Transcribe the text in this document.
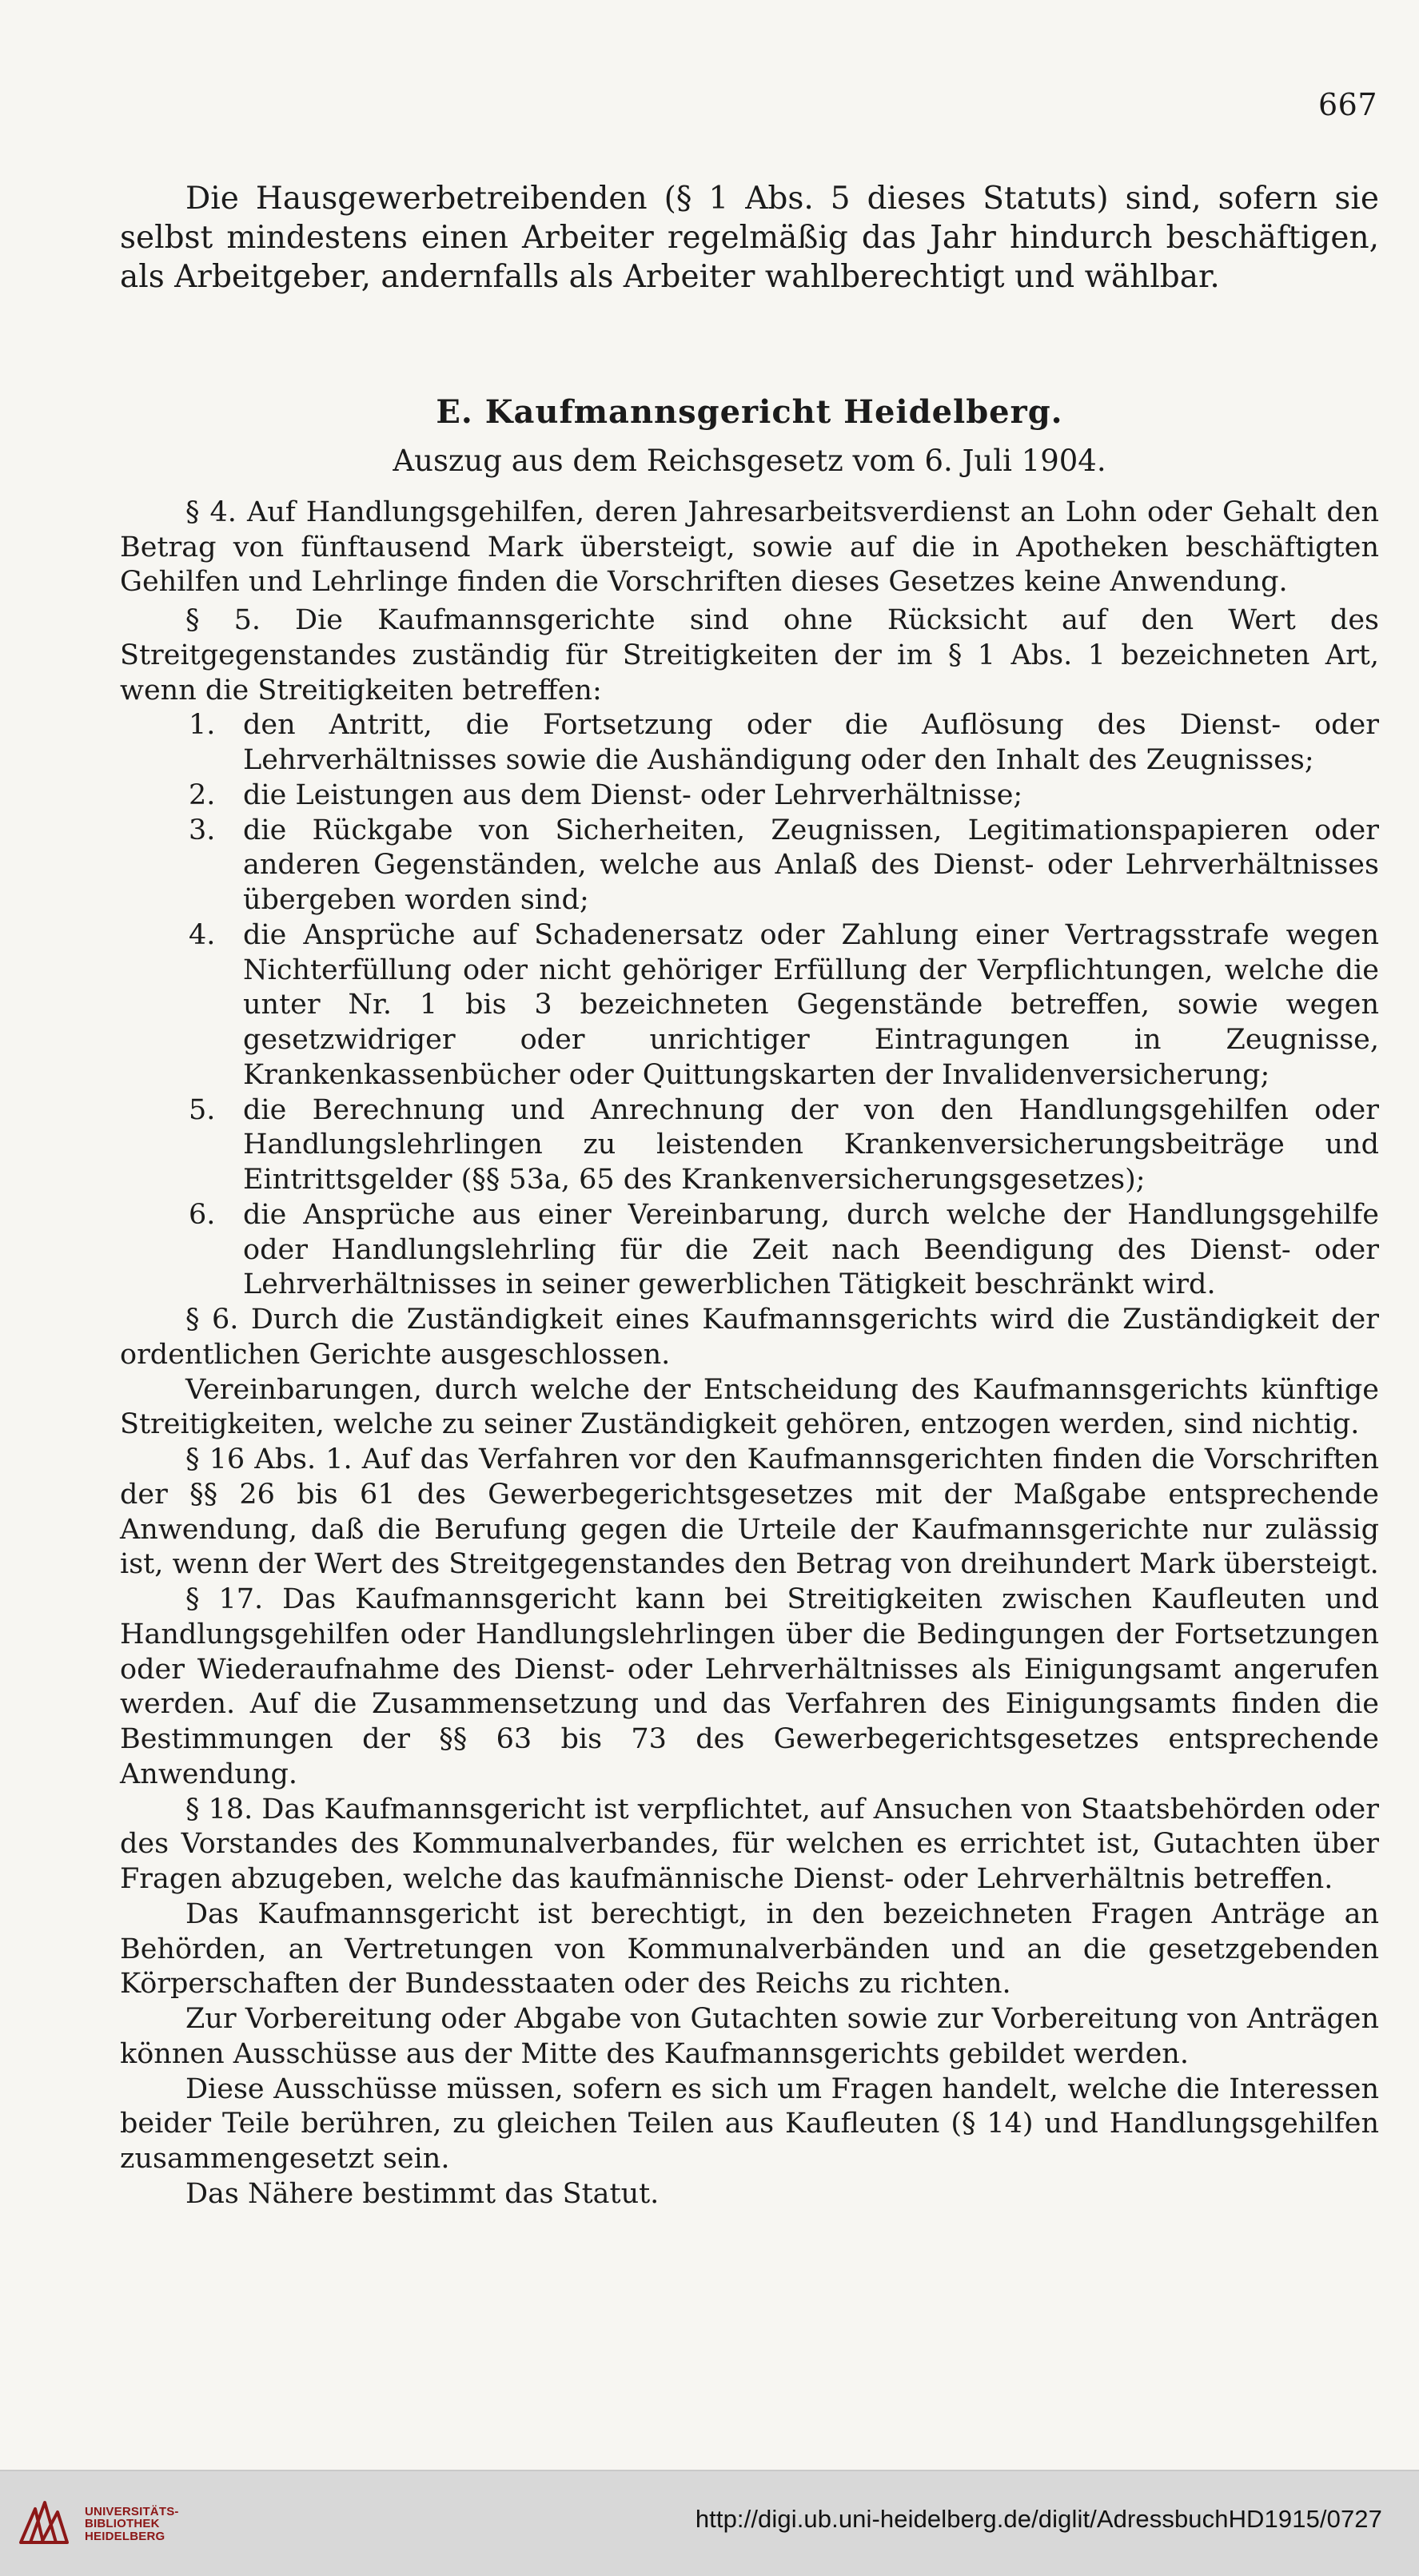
667

Die Hausgewerbetreibenden (§ 1 Abs. 5 dieses Statuts) sind, sofern sie selbst mindestens einen Arbeiter regelmäßig das Jahr hindurch beschäftigen, als Arbeitgeber, andernfalls als Arbeiter wahlberechtigt und wählbar.

E. Kaufmannsgericht Heidelberg.
Auszug aus dem Reichsgesetz vom 6. Juli 1904.

§ 4. Auf Handlungsgehilfen, deren Jahresarbeitsverdienst an Lohn oder Gehalt den Betrag von fünftausend Mark übersteigt, sowie auf die in Apotheken beschäftigten Gehilfen und Lehrlinge finden die Vorschriften dieses Gesetzes keine Anwendung.

§ 5. Die Kaufmannsgerichte sind ohne Rücksicht auf den Wert des Streitgegenstandes zuständig für Streitigkeiten der im § 1 Abs. 1 bezeichneten Art, wenn die Streitigkeiten betreffen:

1. den Antritt, die Fortsetzung oder die Auflösung des Dienst- oder Lehrverhältnisses sowie die Aushändigung oder den Inhalt des Zeugnisses;
2. die Leistungen aus dem Dienst- oder Lehrverhältnisse;
3. die Rückgabe von Sicherheiten, Zeugnissen, Legitimationspapieren oder anderen Gegenständen, welche aus Anlaß des Dienst- oder Lehrverhältnisses übergeben worden sind;
4. die Ansprüche auf Schadenersatz oder Zahlung einer Vertragsstrafe wegen Nichterfüllung oder nicht gehöriger Erfüllung der Verpflichtungen, welche die unter Nr. 1 bis 3 bezeichneten Gegenstände betreffen, sowie wegen gesetzwidriger oder unrichtiger Eintragungen in Zeugnisse, Krankenkassenbücher oder Quittungskarten der Invalidenversicherung;
5. die Berechnung und Anrechnung der von den Handlungsgehilfen oder Handlungslehrlingen zu leistenden Krankenversicherungsbeiträge und Eintrittsgelder (§§ 53a, 65 des Krankenversicherungsgesetzes);
6. die Ansprüche aus einer Vereinbarung, durch welche der Handlungsgehilfe oder Handlungslehrling für die Zeit nach Beendigung des Dienst- oder Lehrverhältnisses in seiner gewerblichen Tätigkeit beschränkt wird.

§ 6. Durch die Zuständigkeit eines Kaufmannsgerichts wird die Zuständigkeit der ordentlichen Gerichte ausgeschlossen.

Vereinbarungen, durch welche der Entscheidung des Kaufmannsgerichts künftige Streitigkeiten, welche zu seiner Zuständigkeit gehören, entzogen werden, sind nichtig.

§ 16 Abs. 1. Auf das Verfahren vor den Kaufmannsgerichten finden die Vorschriften der §§ 26 bis 61 des Gewerbegerichtsgesetzes mit der Maßgabe entsprechende Anwendung, daß die Berufung gegen die Urteile der Kaufmannsgerichte nur zulässig ist, wenn der Wert des Streitgegenstandes den Betrag von dreihundert Mark übersteigt.

§ 17. Das Kaufmannsgericht kann bei Streitigkeiten zwischen Kaufleuten und Handlungsgehilfen oder Handlungslehrlingen über die Bedingungen der Fortsetzungen oder Wiederaufnahme des Dienst- oder Lehrverhältnisses als Einigungsamt angerufen werden. Auf die Zusammensetzung und das Verfahren des Einigungsamts finden die Bestimmungen der §§ 63 bis 73 des Gewerbegerichtsgesetzes entsprechende Anwendung.

§ 18. Das Kaufmannsgericht ist verpflichtet, auf Ansuchen von Staatsbehörden oder des Vorstandes des Kommunalverbandes, für welchen es errichtet ist, Gutachten über Fragen abzugeben, welche das kaufmännische Dienst- oder Lehrverhältnis betreffen.

Das Kaufmannsgericht ist berechtigt, in den bezeichneten Fragen Anträge an Behörden, an Vertretungen von Kommunalverbänden und an die gesetzgebenden Körperschaften der Bundesstaaten oder des Reichs zu richten.

Zur Vorbereitung oder Abgabe von Gutachten sowie zur Vorbereitung von Anträgen können Ausschüsse aus der Mitte des Kaufmannsgerichts gebildet werden.

Diese Ausschüsse müssen, sofern es sich um Fragen handelt, welche die Interessen beider Teile berühren, zu gleichen Teilen aus Kaufleuten (§ 14) und Handlungsgehilfen zusammengesetzt sein.

Das Nähere bestimmt das Statut.

UNIVERSITÄTS-
BIBLIOTHEK
HEIDELBERG
http://digi.ub.uni-heidelberg.de/diglit/AdressbuchHD1915/0727
